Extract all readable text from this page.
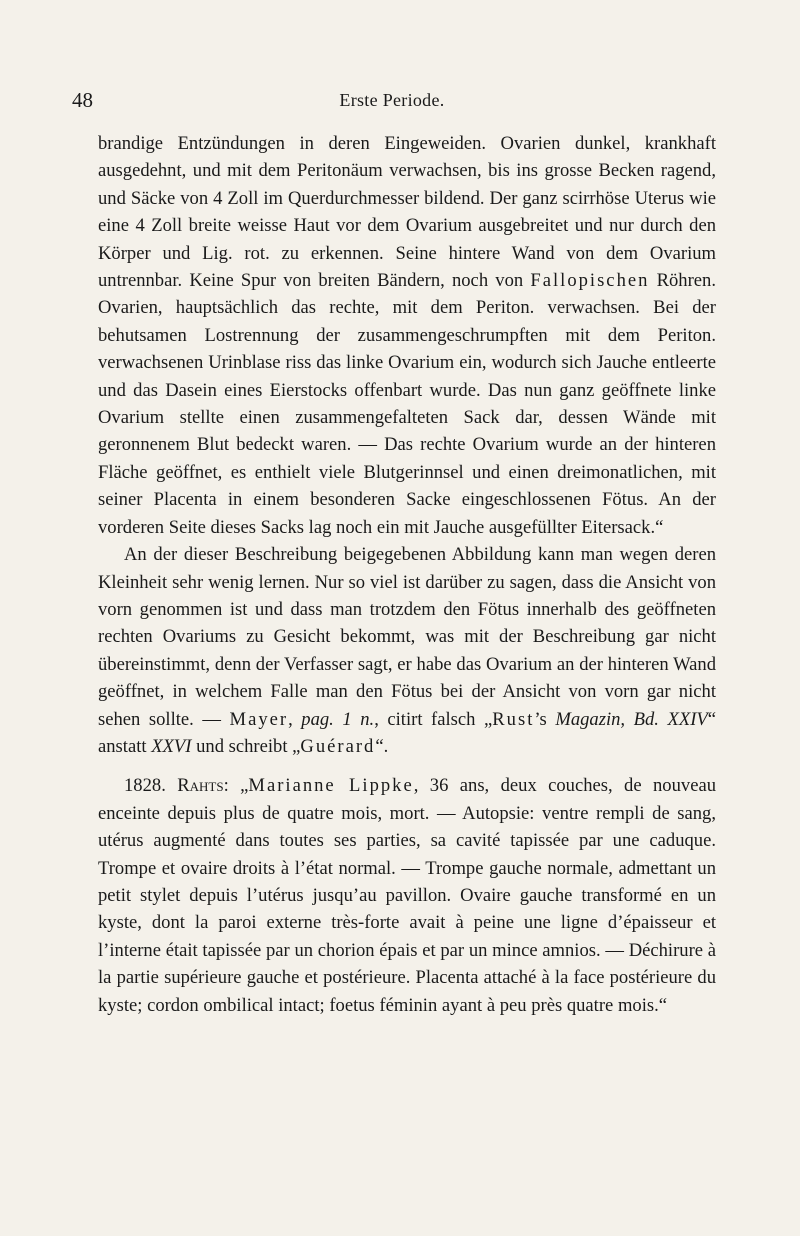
48	Erste Periode.

brandige Entzündungen in deren Eingeweiden. Ovarien dunkel, krankhaft ausgedehnt, und mit dem Peritonäum verwachsen, bis ins grosse Becken ragend, und Säcke von 4 Zoll im Querdurchmesser bildend. Der ganz scirrhöse Uterus wie eine 4 Zoll breite weisse Haut vor dem Ovarium ausgebreitet und nur durch den Körper und Lig. rot. zu erkennen. Seine hintere Wand von dem Ovarium untrennbar. Keine Spur von breiten Bändern, noch von Fallopischen Röhren. Ovarien, hauptsächlich das rechte, mit dem Periton. verwachsen. Bei der behutsamen Lostrennung der zusammengeschrumpften mit dem Periton. verwachsenen Urinblase riss das linke Ovarium ein, wodurch sich Jauche entleerte und das Dasein eines Eierstocks offenbart wurde. Das nun ganz geöffnete linke Ovarium stellte einen zusammengefalteten Sack dar, dessen Wände mit geronnenem Blut bedeckt waren. — Das rechte Ovarium wurde an der hinteren Fläche geöffnet, es enthielt viele Blutgerinnsel und einen dreimonatlichen, mit seiner Placenta in einem besonderen Sacke eingeschlossenen Fötus. An der vorderen Seite dieses Sacks lag noch ein mit Jauche ausgefüllter Eitersack.“

An der dieser Beschreibung beigegebenen Abbildung kann man wegen deren Kleinheit sehr wenig lernen. Nur so viel ist darüber zu sagen, dass die Ansicht von vorn genommen ist und dass man trotzdem den Fötus innerhalb des geöffneten rechten Ovariums zu Gesicht bekommt, was mit der Beschreibung gar nicht übereinstimmt, denn der Verfasser sagt, er habe das Ovarium an der hinteren Wand geöffnet, in welchem Falle man den Fötus bei der Ansicht von vorn gar nicht sehen sollte. — Mayer, pag. 1 n., citirt falsch „Rust’s Magazin, Bd. XXIV“ anstatt XXVI und schreibt „Guérard“.

1828. Rahts: „Marianne Lippke, 36 ans, deux couches, de nouveau enceinte depuis plus de quatre mois, mort. — Autopsie: ventre rempli de sang, utérus augmenté dans toutes ses parties, sa cavité tapissée par une caduque. Trompe et ovaire droits à l’état normal. — Trompe gauche normale, admettant un petit stylet depuis l’utérus jusqu’au pavillon. Ovaire gauche transformé en un kyste, dont la paroi externe très-forte avait à peine une ligne d’épaisseur et l’interne était tapissée par un chorion épais et par un mince amnios. — Déchirure à la partie supérieure gauche et postérieure. Placenta attaché à la face postérieure du kyste; cordon ombilical intact; foetus féminin ayant à peu près quatre mois.“
